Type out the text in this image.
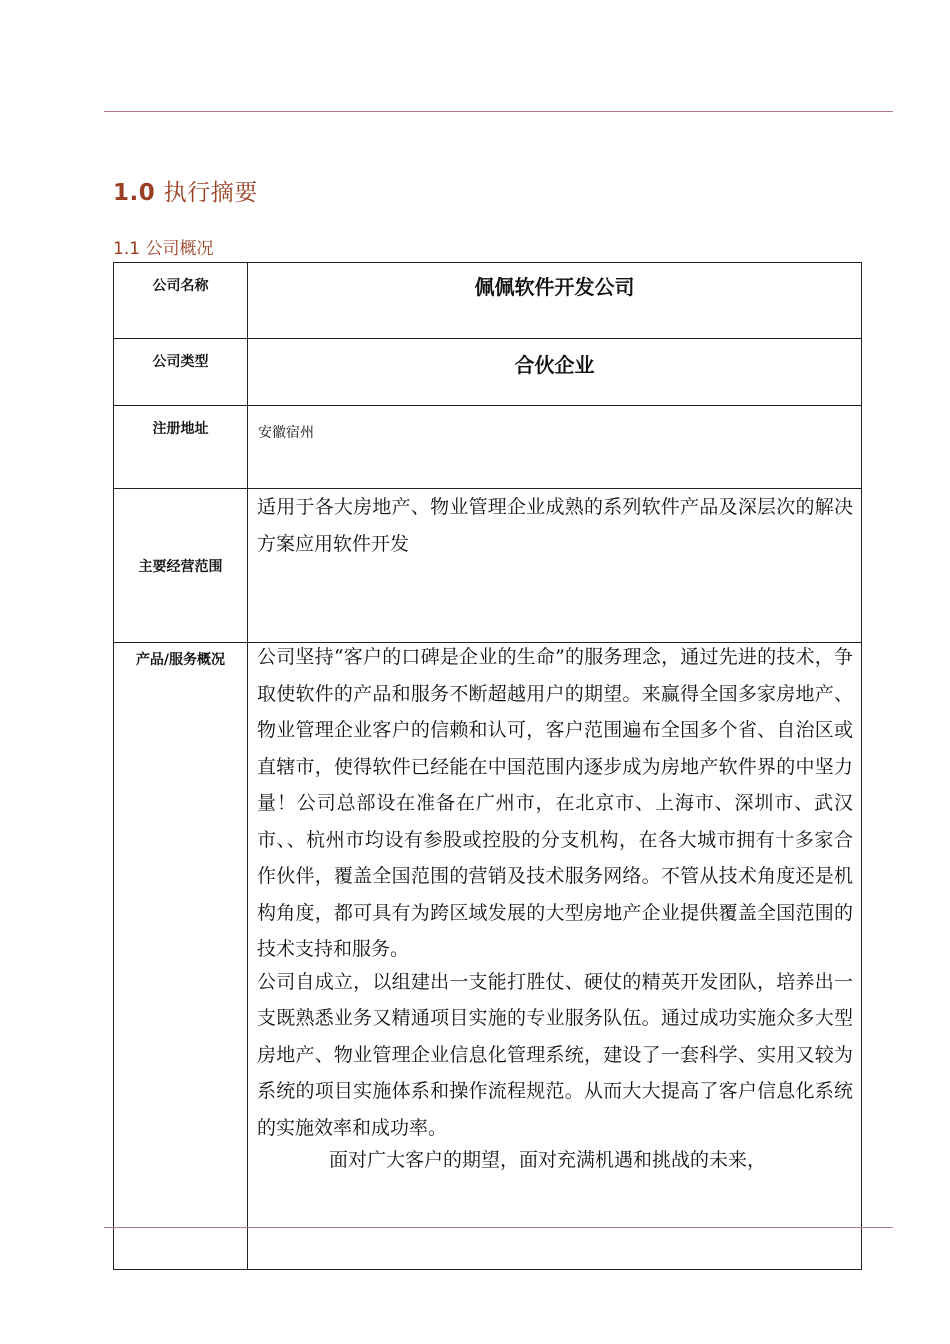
1.0 执行摘要
1.1 公司概况
公司名称	佩佩软件开发公司

公司类型	合伙企业

注册地址	安徽宿州

主要经营范围	适用于各大房地产、物业管理企业成熟的系列软件产品及深层次的解决方案应用软件开发

产品/服务概况	公司坚持“客户的口碑是企业的生命”的服务理念，通过先进的技术，争取使软件的产品和服务不断超越用户的期望。来赢得全国多家房地产、物业管理企业客户的信赖和认可，客户范围遍布全国多个省、自治区或直辖市，使得软件已经能在中国范围内逐步成为房地产软件界的中坚力量！公司总部设在准备在广州市，在北京市、上海市、深圳市、武汉市、、杭州市均设有参股或控股的分支机构，在各大城市拥有十多家合作伙伴，覆盖全国范围的营销及技术服务网络。不管从技术角度还是机构角度，都可具有为跨区域发展的大型房地产企业提供覆盖全国范围的技术支持和服务。
公司自成立，以组建出一支能打胜仗、硬仗的精英开发团队，培养出一支既熟悉业务又精通项目实施的专业服务队伍。通过成功实施众多大型房地产、物业管理企业信息化管理系统，建设了一套科学、实用又较为系统的项目实施体系和操作流程规范。从而大大提高了客户信息化系统的实施效率和成功率。
面对广大客户的期望，面对充满机遇和挑战的未来，
